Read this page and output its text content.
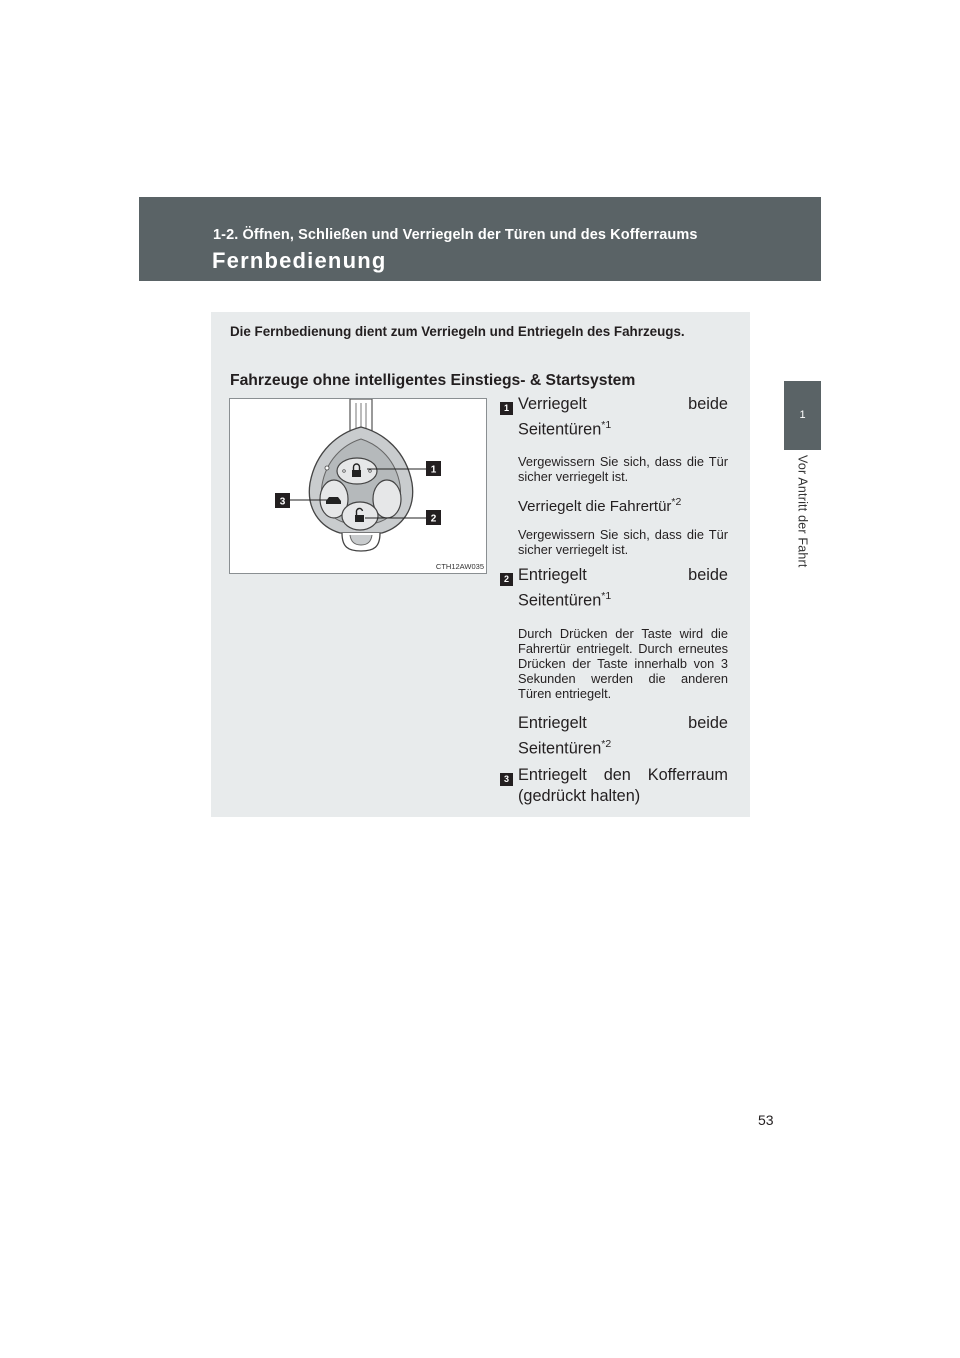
1-2. Öffnen, Schließen und Verriegeln der Türen und des Kofferraums
Fernbedienung
1
Vor Antritt der Fahrt

Die Fernbedienung dient zum Verriegeln und Entriegeln des Fahrzeugs.

Fahrzeuge ohne intelligentes Einstiegs- & Startsystem
1
2
3
CTH12AW035
1 Verriegelt beide Seitentüren$^{*1}$
Vergewissern Sie sich, dass die Tür sicher verriegelt ist.
Verriegelt die Fahrertür$^{*2}$
Vergewissern Sie sich, dass die Tür sicher verriegelt ist.
2 Entriegelt beide Seitentüren$^{*1}$
Durch Drücken der Taste wird die Fahrertür entriegelt. Durch erneutes Drücken der Taste innerhalb von 3 Sekunden werden die anderen Türen entriegelt.
Entriegelt beide Seitentüren$^{*2}$
3 Entriegelt den Kofferraum (gedrückt halten)
53
